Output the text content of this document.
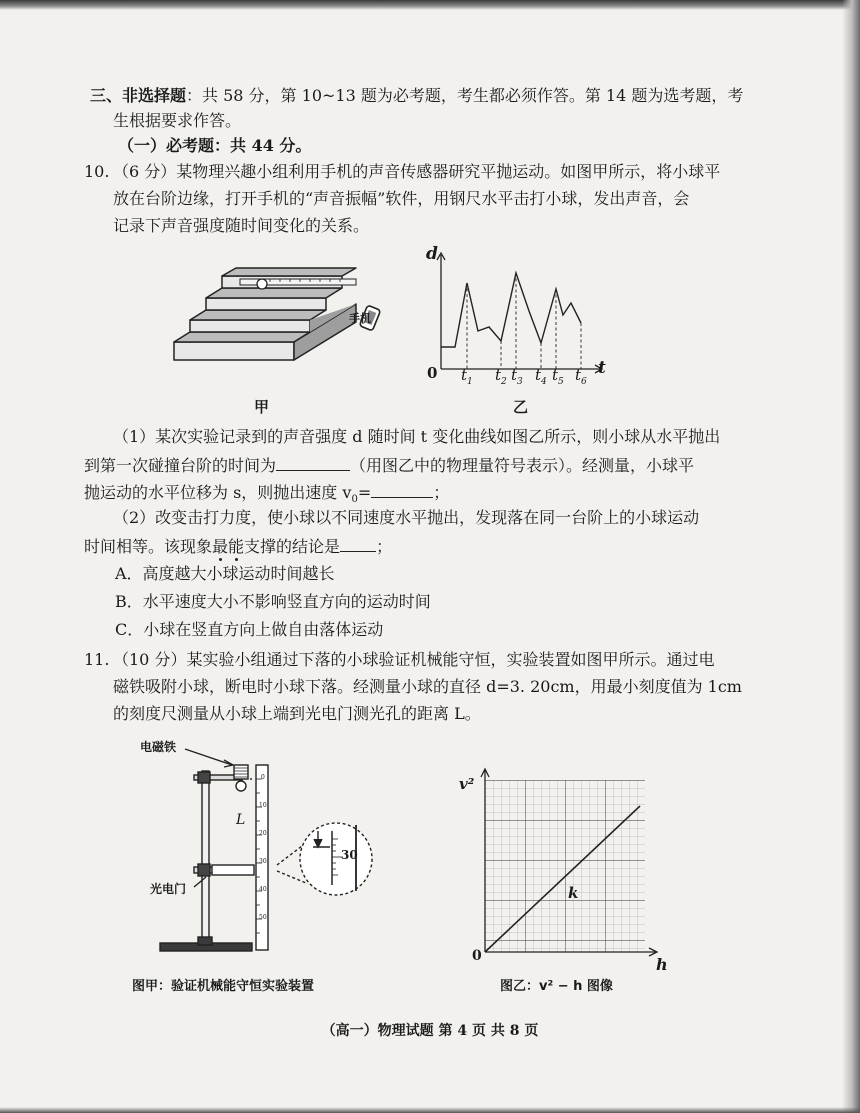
三、非选择题：共 58 分，第 10~13 题为必考题，考生都必须作答。第 14 题为选考题，考
生根据要求作答。
（一）必考题：共 44 分。
10. （6 分）某物理兴趣小组利用手机的声音传感器研究平抛运动。如图甲所示，将小球平
放在台阶边缘，打开手机的“声音振幅”软件，用钢尺水平击打小球，发出声音，会
记录下声音强度随时间变化的关系。
手机
甲
d
0	t
$t_1$ $t_2$ $t_3$ $t_4$ $t_5$ $t_6$
乙
（1）某次实验记录到的声音强度 d 随时间 t 变化曲线如图乙所示，则小球从水平抛出
到第一次碰撞台阶的时间为	（用图乙中的物理量符号表示）。经测量，小球平
抛运动的水平位移为 s，则抛出速度 $v_0=$	；
（2）改变击打力度，使小球以不同速度水平抛出，发现落在同一台阶上的小球运动
时间相等。该现象最能支撑的结论是 ；
A．高度越大小球运动时间越长
B．水平速度大小不影响竖直方向的运动时间
C．小球在竖直方向上做自由落体运动
11. （10 分）某实验小组通过下落的小球验证机械能守恒，实验装置如图甲所示。通过电
磁铁吸附小球，断电时小球下落。经测量小球的直径 d=3. 20cm，用最小刻度值为 1cm
的刻度尺测量从小球上端到光电门测光孔的距离 L。
电磁铁
光电门
L
30
0
10
20
30
40
50
图甲：验证机械能守恒实验装置
v²
0	h
k
图乙：v² − h 图像
（高一）物理试题 第 4 页 共 8 页
